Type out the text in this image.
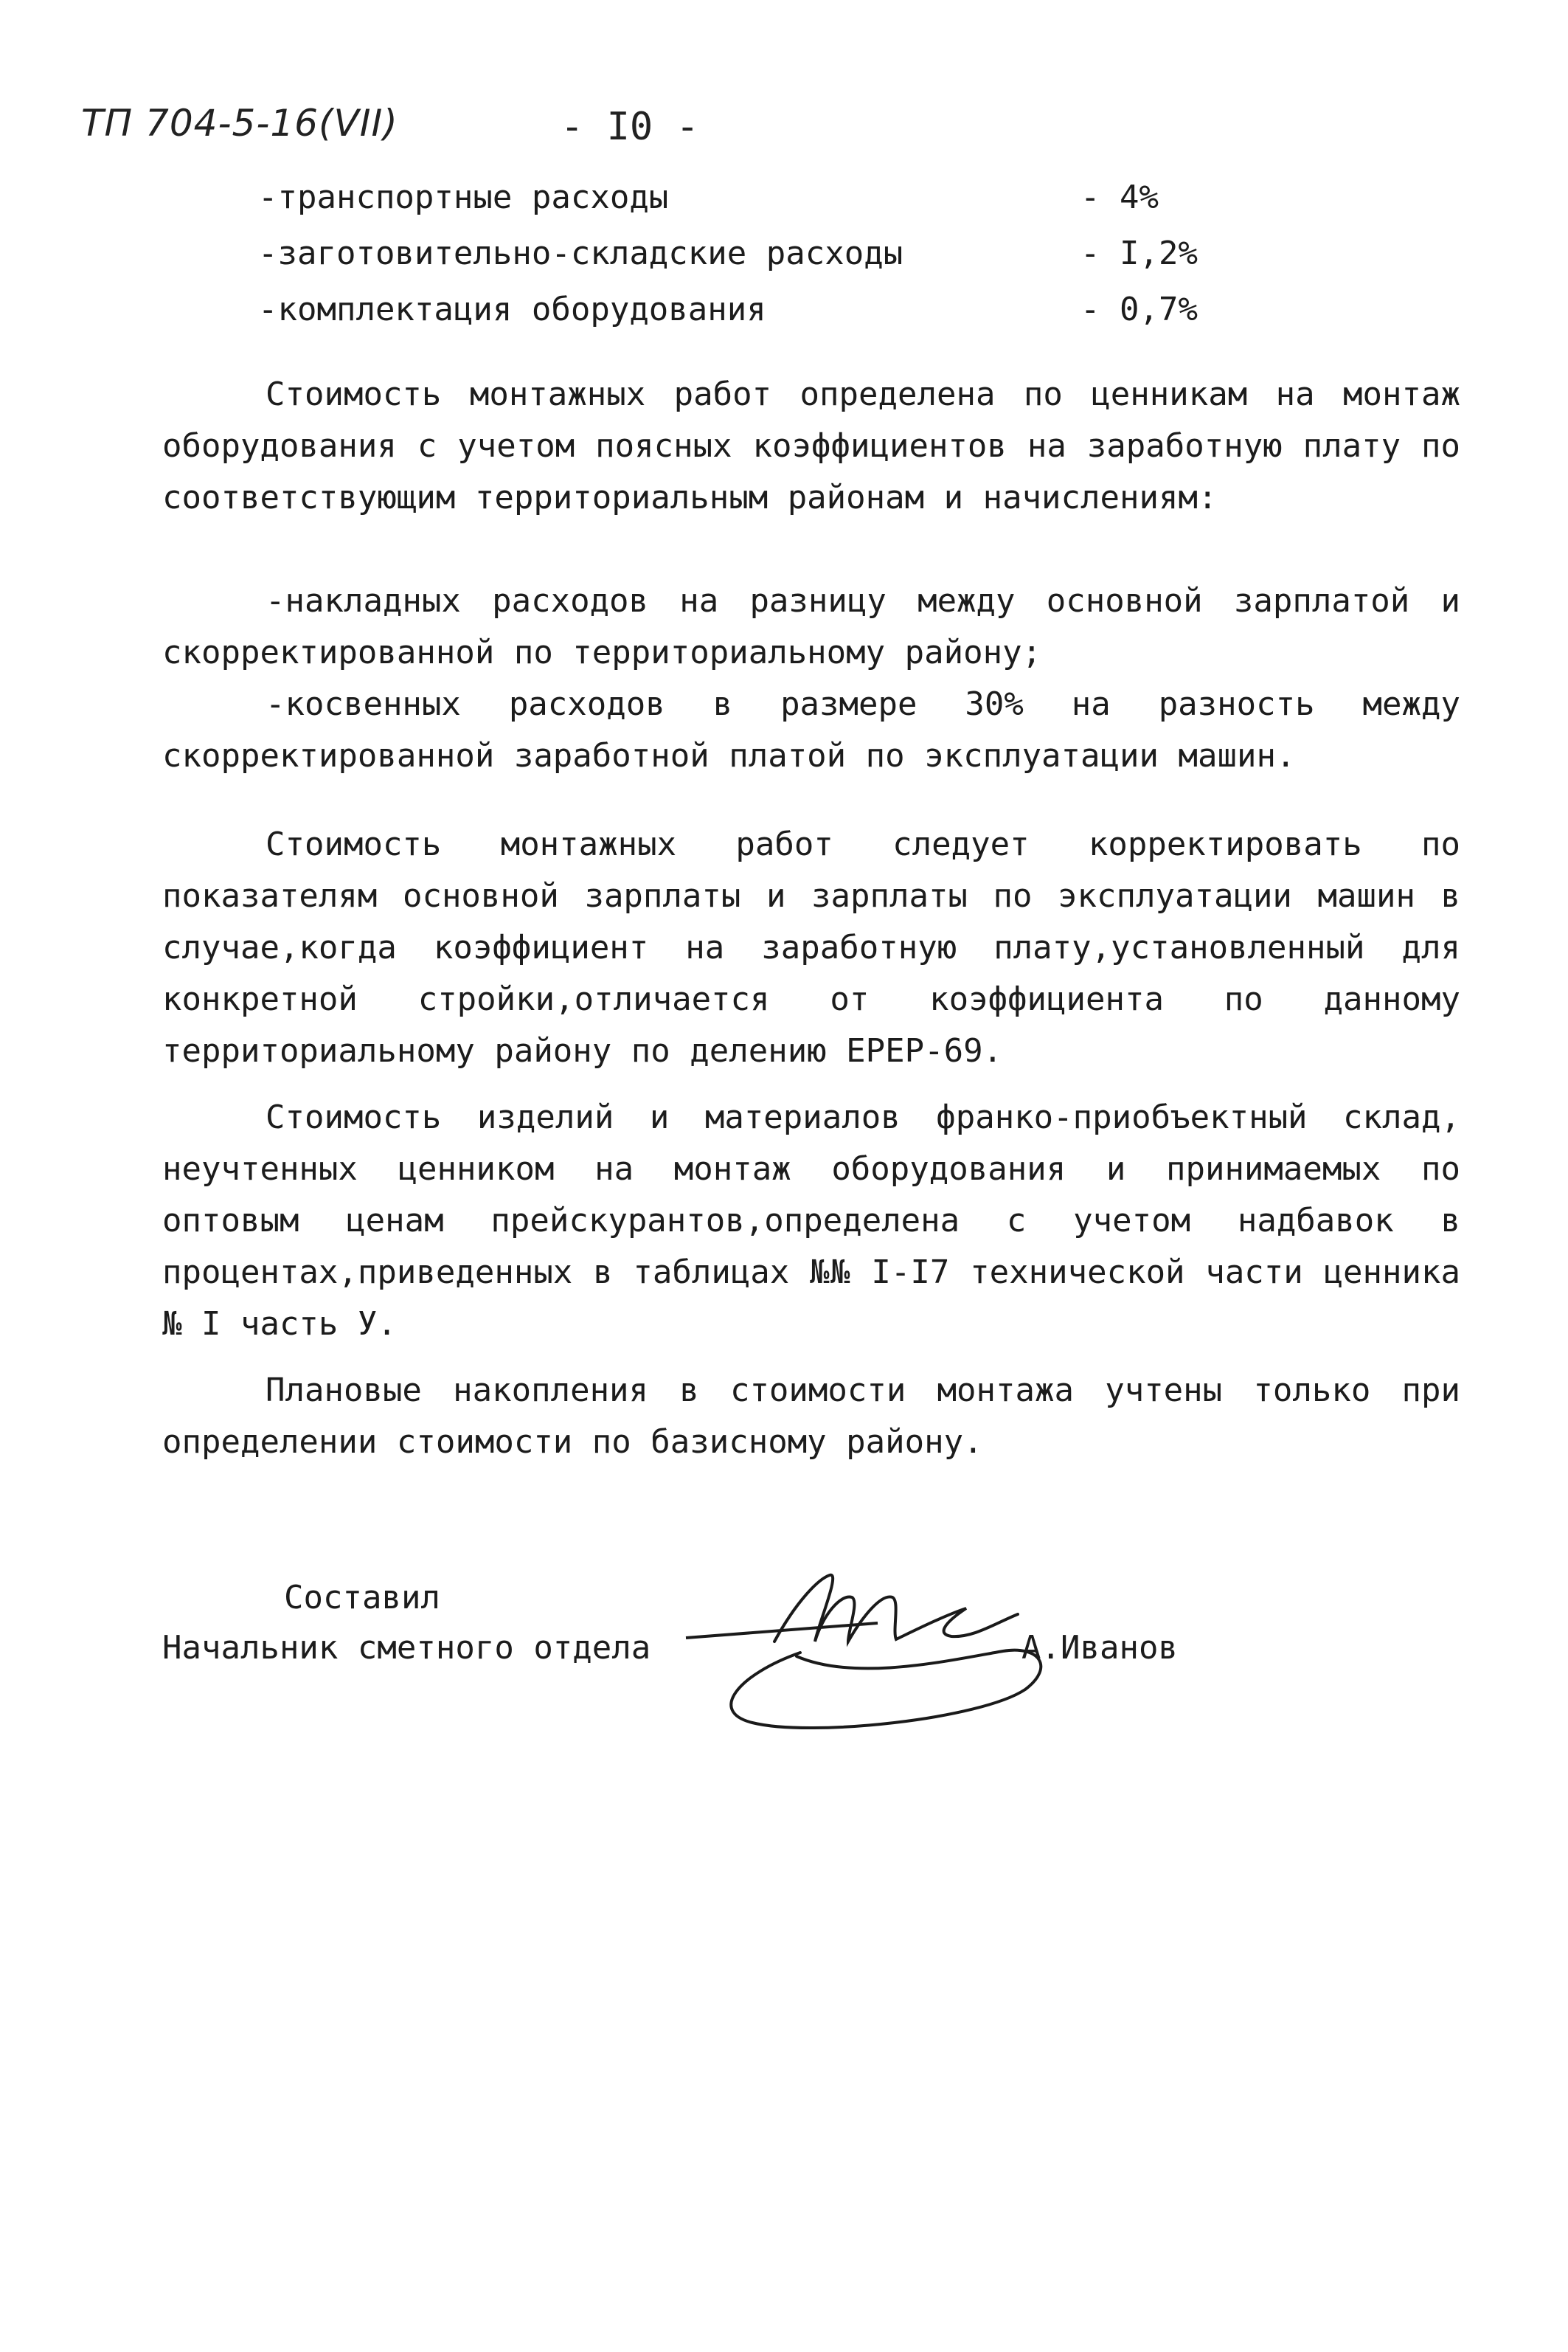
ТП 704-5-16(VII)	- I0 -
-транспортные расходы	- 4%
-заготовительно-складские расходы	- I,2%
-комплектация оборудования	- 0,7%

Стоимость монтажных работ определена по ценникам на монтаж оборудования с учетом поясных коэффициентов на заработную плату по соответствующим территориальным районам и начислениям:

-накладных расходов на разницу между основной зарплатой и скорректированной по территориальному району;

-косвенных расходов в размере 30% на разность между скорректированной заработной платой по эксплуатации машин.

Стоимость монтажных работ следует корректировать по показателям основной зарплаты и зарплаты по эксплуатации машин в случае,когда коэффициент на заработную плату,установленный для конкретной стройки,отличается от коэффициента по данному территориальному району по делению ЕРЕР-69.

Стоимость изделий и материалов франко-приобъектный склад, неучтенных ценником на монтаж оборудования и принимаемых по оптовым ценам прейскурантов,определена с учетом надбавок в процентах,приведенных в таблицах №№ I-I7 технической части ценника № I часть У.

Плановые накопления в стоимости монтажа учтены только при определении стоимости по базисному району.

Составил
Начальник сметного отдела	А.Иванов
